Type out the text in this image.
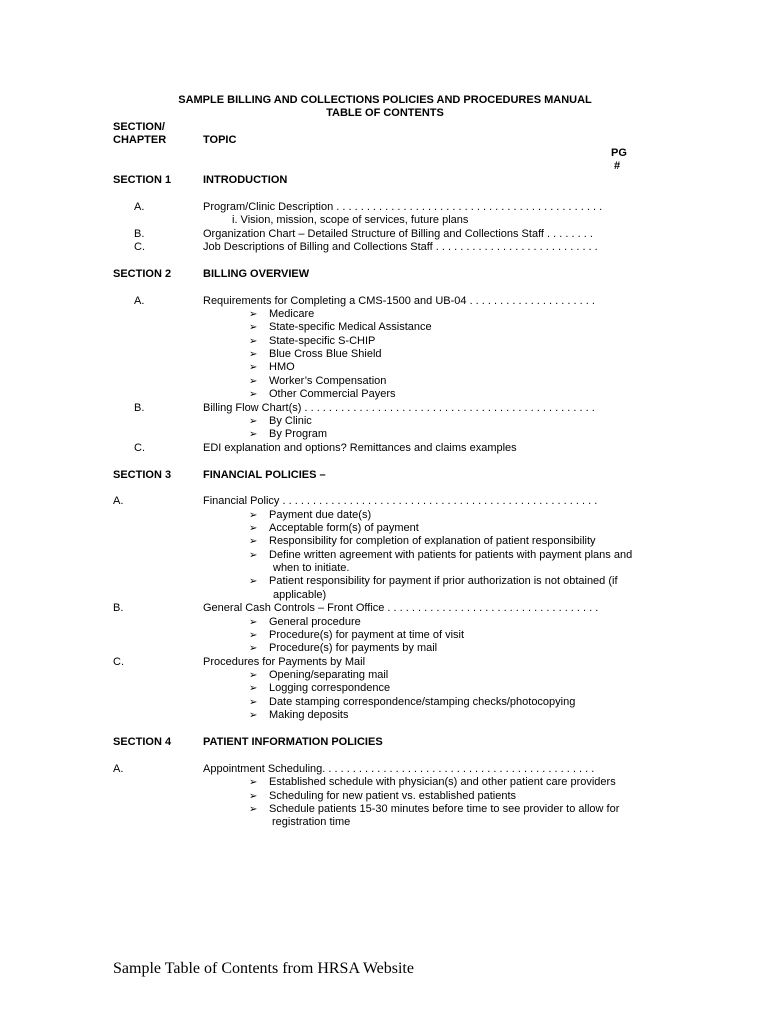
SAMPLE BILLING AND COLLECTIONS POLICIES AND PROCEDURES MANUAL
TABLE OF CONTENTS
SECTION/
CHAPTER	TOPIC
PG
#
SECTION 1	INTRODUCTION
A.	Program/Clinic Description . . . . . . . . . . . . . . . . . . . . . . . . . . . . . . . . . . . . . . . . . . . .
i. Vision, mission, scope of services, future plans
B.	Organization Chart – Detailed Structure of Billing and Collections Staff . . . . . . . .
C.	Job Descriptions of Billing and Collections Staff . . . . . . . . . . . . . . . . . . . . . . . . . . .
SECTION 2	BILLING OVERVIEW
A.	Requirements for Completing a CMS-1500 and UB-04 . . . . . . . . . . . . . . . . . . . . .
➢ Medicare
➢ State-specific Medical Assistance
➢ State-specific S-CHIP
➢ Blue Cross Blue Shield
➢ HMO
➢ Worker’s Compensation
➢ Other Commercial Payers
B.	Billing Flow Chart(s) . . . . . . . . . . . . . . . . . . . . . . . . . . . . . . . . . . . . . . . . . . . . . . . .
➢ By Clinic
➢ By Program
C.	EDI explanation and options? Remittances and claims examples
SECTION 3	FINANCIAL POLICIES –
A.	Financial Policy . . . . . . . . . . . . . . . . . . . . . . . . . . . . . . . . . . . . . . . . . . . . . . . . . . . .
➢ Payment due date(s)
➢ Acceptable form(s) of payment
➢ Responsibility for completion of explanation of patient responsibility
➢ Define written agreement with patients for patients with payment plans and
when to initiate.
➢ Patient responsibility for payment if prior authorization is not obtained (if
applicable)
B.	General Cash Controls – Front Office . . . . . . . . . . . . . . . . . . . . . . . . . . . . . . . . . . .
➢ General procedure
➢ Procedure(s) for payment at time of visit
➢ Procedure(s) for payments by mail
C.	Procedures for Payments by Mail
➢ Opening/separating mail
➢ Logging correspondence
➢ Date stamping correspondence/stamping checks/photocopying
➢ Making deposits
SECTION 4	PATIENT INFORMATION POLICIES
A.	Appointment Scheduling. . . . . . . . . . . . . . . . . . . . . . . . . . . . . . . . . . . . . . . . . . . . .
➢ Established schedule with physician(s) and other patient care providers
➢ Scheduling for new patient vs. established patients
➢ Schedule patients 15-30 minutes before time to see provider to allow for
registration time
Sample Table of Contents from HRSA Website
